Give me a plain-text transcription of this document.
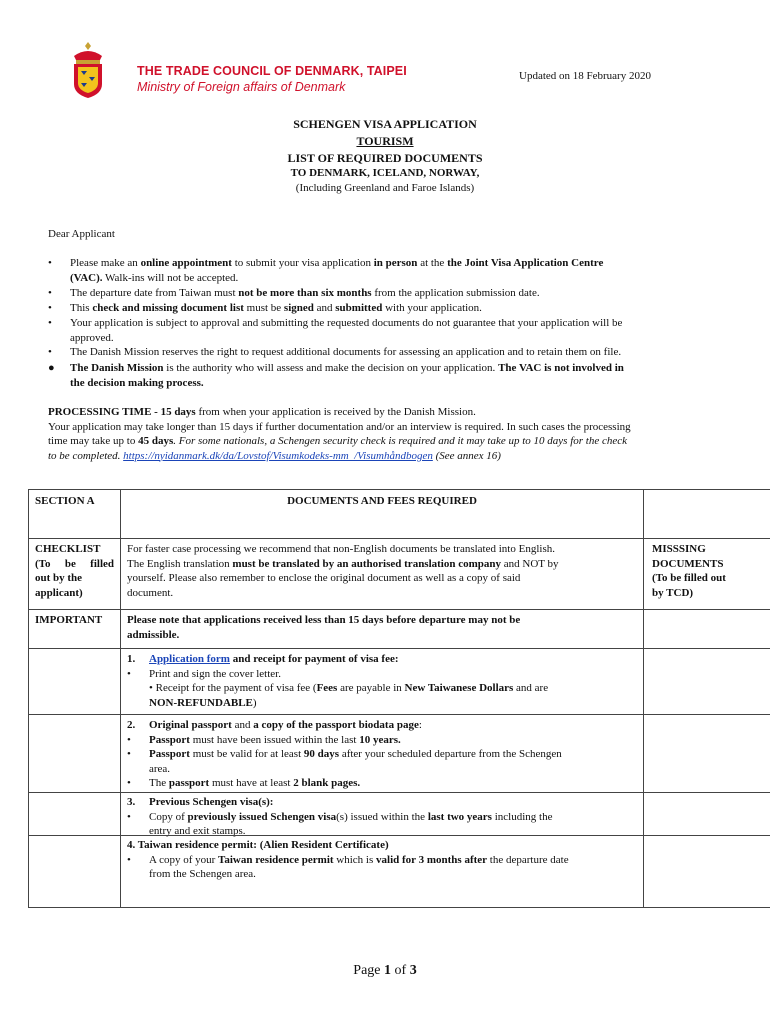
THE TRADE COUNCIL OF DENMARK, TAIPEI
Ministry of Foreign affairs of Denmark
Updated on 18 February 2020
SCHENGEN VISA APPLICATION
TOURISM
LIST OF REQUIRED DOCUMENTS
TO DENMARK, ICELAND, NORWAY,
(Including Greenland and Faroe Islands)
Dear Applicant
• Please make an online appointment to submit your visa application in person at the the Joint Visa Application Centre
(VAC). Walk-ins will not be accepted.
• The departure date from Taiwan must not be more than six months from the application submission date.
• This check and missing document list must be signed and submitted with your application.
• Your application is subject to approval and submitting the requested documents do not guarantee that your application will be
approved.
• The Danish Mission reserves the right to request additional documents for assessing an application and to retain them on file.
● The Danish Mission is the authority who will assess and make the decision on your application. The VAC is not involved in
the decision making process.
PROCESSING TIME - 15 days from when your application is received by the Danish Mission.
Your application may take longer than 15 days if further documentation and/or an interview is required. In such cases the processing
time may take up to 45 days. For some nationals, a Schengen security check is required and it may take up to 10 days for the check
to be completed. https://nyidanmark.dk/da/Lovstof/Visumkodeks-mm_/Visumhåndbogen (See annex 16)
SECTION A	DOCUMENTS AND FEES REQUIRED
CHECKLIST
(To be filled
out by the
applicant)
For faster case processing we recommend that non-English documents be translated into English.
The English translation must be translated by an authorised translation company and NOT by
yourself. Please also remember to enclose the original document as well as a copy of said
document.
MISSSING
DOCUMENTS
(To be filled out
by TCD)
IMPORTANT	Please note that applications received less than 15 days before departure may not be
admissible.
1. Application form and receipt for payment of visa fee:
• Print and sign the cover letter.
• Receipt for the payment of visa fee (Fees are payable in New Taiwanese Dollars and are
NON-REFUNDABLE)
2. Original passport and a copy of the passport biodata page:
• Passport must have been issued within the last 10 years.
• Passport must be valid for at least 90 days after your scheduled departure from the Schengen
area.
• The passport must have at least 2 blank pages.
3. Previous Schengen visa(s):
• Copy of previously issued Schengen visa(s) issued within the last two years including the
entry and exit stamps.
4. Taiwan residence permit: (Alien Resident Certificate)
• A copy of your Taiwan residence permit which is valid for 3 months after the departure date
from the Schengen area.
Page 1 of 3
